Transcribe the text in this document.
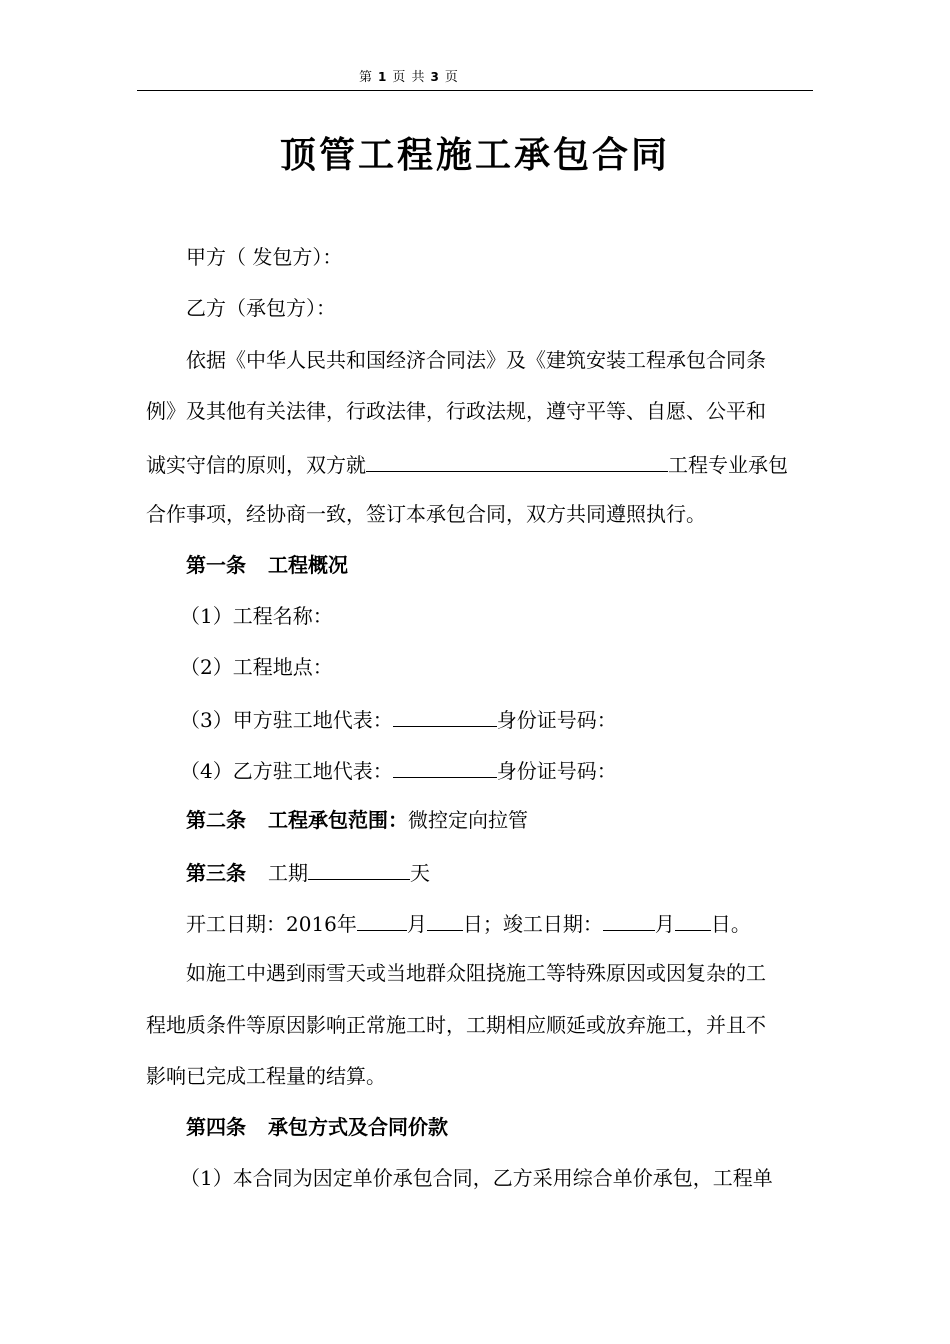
第 1 页 共 3 页
顶管工程施工承包合同
甲方（ 发包方）：
乙方（承包方）：
依据《中华人民共和国经济合同法》及《建筑安装工程承包合同条
例》及其他有关法律，行政法律，行政法规，遵守平等、自愿、公平和
诚实守信的原则，双方就	工程专业承包
合作事项，经协商一致，签订本承包合同，双方共同遵照执行。
第一条 工程概况
（1）工程名称：
（2）工程地点：
（3）甲方驻工地代表：	身份证号码：
（4）乙方驻工地代表：	身份证号码：
第二条 工程承包范围：微控定向拉管
第三条 工期	天
开工日期：2016年	月 日；竣工日期：	月 日。
如施工中遇到雨雪天或当地群众阻挠施工等特殊原因或因复杂的工
程地质条件等原因影响正常施工时，工期相应顺延或放弃施工，并且不
影响已完成工程量的结算。
第四条 承包方式及合同价款
（1）本合同为因定单价承包合同，乙方采用综合单价承包，工程单
